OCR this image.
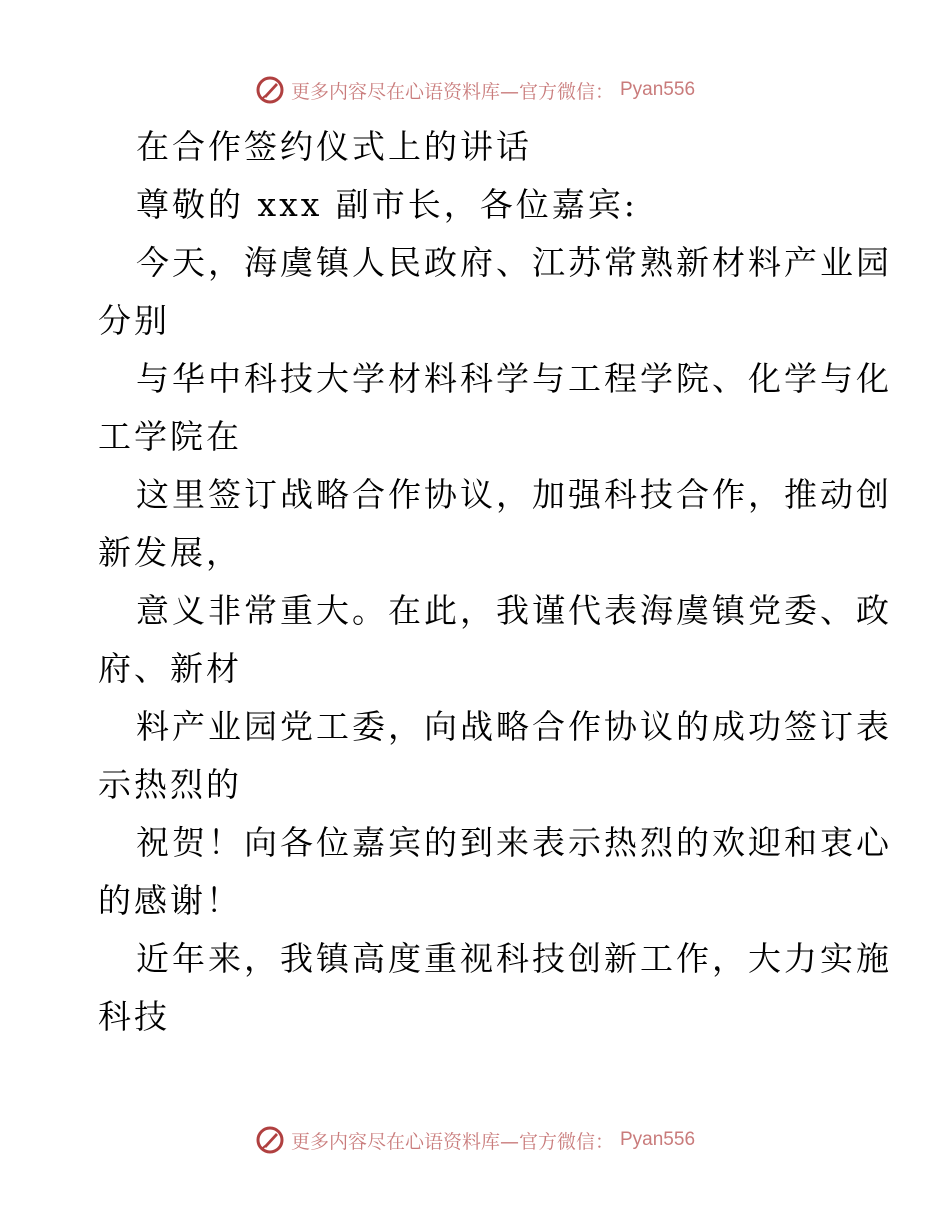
更多内容尽在心语资料库—官方微信： Pyan556

在合作签约仪式上的讲话

尊敬的 xxx 副市长，各位嘉宾:

今天，海虞镇人民政府、江苏常熟新材料产业园

分别

与华中科技大学材料科学与工程学院、化学与化

工学院在

这里签订战略合作协议，加强科技合作，推动创

新发展，

意义非常重大。在此，我谨代表海虞镇党委、政

府、新材

料产业园党工委，向战略合作协议的成功签订表

示热烈的

祝贺！向各位嘉宾的到来表示热烈的欢迎和衷心

的感谢！

近年来，我镇高度重视科技创新工作，大力实施

科技

更多内容尽在心语资料库—官方微信： Pyan556
